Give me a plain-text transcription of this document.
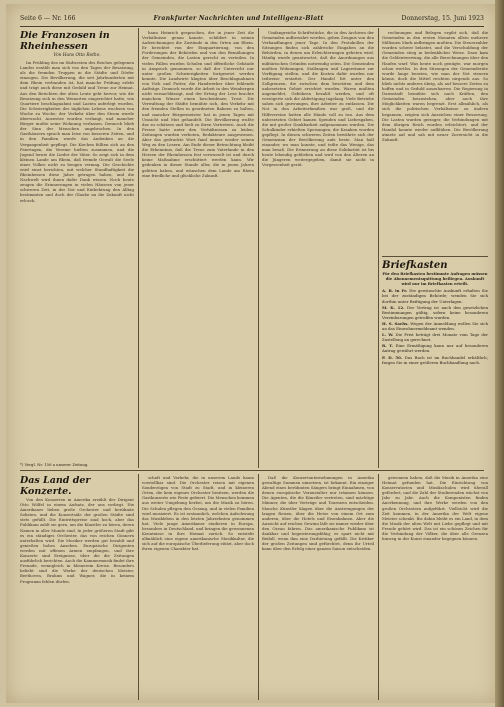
Seite 6 — Nr. 166	Frankfurter Nachrichten und Intelligenz-Blatt	Donnerstag, 15. Juni 1923
Die Franzosen in Rheinhessen
Von Hans Otto Rothe.

Im Frühling des im Südwesten des Reiches gelegenen Landes erzählt man sich von den Tagen der Besatzung, als die fremden Truppen in die Städte und Dörfer einzogen. Die Bevölkerung, die seit Jahrhunderten mit dem Rhein verbunden ist, hat manche Prüfung erlebt und trägt auch diese mit Geduld und Treue zur Heimat. Aus den Berichten der alten Leute geht hervor, wie die Besatzung sich in den Weinorten eingerichtet hatte, wie Quartiere beschlagnahmt und Lasten auferlegt wurden. Die Schwierigkeiten des täglichen Lebens wuchsen von Woche zu Woche; der Verkehr über den Strom wurde überwacht, Ausweise wurden verlangt, und mancher Bürger mußte seine Wohnung verlassen. Dennoch blieb der Sinn der Menschen ungebrochen. In den Gasthäusern sprach man leise von besseren Zeiten, und in den Familien wurde das Andenken an die Vergangenheit gepflegt. Die Kirchen füllten sich an den Feiertagen, die Vereine hielten zusammen, und die Jugend lernte die Lieder der Väter. So zeigt sich in dem kleinen Lande am Rhein, daß fremde Gewalt die Seele eines Volkes nicht zu beugen vermag. Die Geschichte wird einst berichten, mit welcher Standhaftigkeit die Rheinhessen diese Jahre getragen haben, und die Nachwelt wird ihnen dafür Dank wissen. Noch heute zeugen die Erinnerungen in vielen Häusern von jener schweren Zeit, in der Not und Entbehrung den Alltag bestimmten und doch der Glaube an die Zukunft nicht erlosch.

*) Vergl. Nr. 156 a unserer Zeitung.

hann Heinrich gesprochen, der in jener Zeit die Verhältnisse genau kannte, schildert in seinen Aufzeichnungen die Zustände in den Orten am Rhein. Er berichtet von der Einquartierung, von den Forderungen der Behörden und von den Bemühungen der Gemeinden, die Lasten gerecht zu verteilen. In vielen Fällen wurden Schulen und öffentliche Gebäude in Anspruch genommen, so daß der Unterricht nur unter großen Schwierigkeiten fortgesetzt werden konnte. Die Landwirte klagten über Beschlagnahmen von Vieh und Futter, die Handwerker über fehlende Aufträge. Dennoch wurde die Arbeit in den Weinbergen nicht vernachlässigt, und der Ertrag der Lese brachte manchem Winzer einen bescheidenen Trost. Die Verwaltung der Städte bemühte sich, den Verkehr mit den fremden Stellen in geordneten Bahnen zu halten, und mancher Bürgermeister hat in jenen Tagen mit Umsicht und Mut gehandelt. Die Bevölkerung wußte das zu schätzen und hielt zu ihren Vertretern. Auch die Presse hatte unter den Verhältnissen zu leiden; Zeitungen wurden verboten, Redakteure ausgewiesen. Aber das gedruckte Wort fand immer wieder seinen Weg zu den Lesern. Am Ende dieser Betrachtung bleibt die Erkenntnis, daß die Treue zum Vaterlande in den Herzen der Rheinhessen fest verwurzelt ist und durch keine Maßnahme erschüttert werden kann. Wir gedenken in dieser Stunde aller, die in jenen Jahren gelitten haben, und wünschen dem Lande am Rhein eine friedliche und glückliche Zukunft.

Umfangreiche Schriftstücke, die in den Archiven der Gemeinden aufbewahrt werden, geben Zeugnis von den Verhandlungen jener Tage. In den Protokollen der Sitzungen finden sich zahlreiche Eingaben an die Behörden, in denen um Erleichterungen gebeten wird. Häufig wurde geantwortet, daß die Anordnungen aus militärischen Gründen notwendig seien. Die Gemeinden mußten Wohnungen, Stallungen und Lagerräume zur Verfügung stellen, und die Kosten dafür wurden nur teilweise erstattet. Der Handel litt unter den Zollgrenzen, die zwischen dem besetzten und dem unbesetzten Gebiet errichtet wurden. Waren mußten angemeldet, Gebühren bezahlt werden, und oft verzögerte sich die Abfertigung tagelang. Viele Betriebe sahen sich gezwungen, ihre Arbeiter zu entlassen. Die Not in den Arbeiterfamilien war groß, und die Hilfsvereine hatten alle Hände voll zu tun. Aus dem unbesetzten Gebiet kamen Spenden und Liebesgaben, die mit großer Dankbarkeit aufgenommen wurden. Die Schulkinder erhielten Speisungen, die Kranken wurden gepflegt. In diesen schweren Zeiten bewährte sich der Gemeinsinn der Bevölkerung aufs beste. Man half einander, wo man konnte, und teilte das Wenige, das man besaß. Die Erinnerung an diese Solidarität ist bis heute lebendig geblieben und wird von den Älteren an die Jüngeren weitergegeben, damit sie nicht in Vergessenheit gerät.

rechnungen und Belegen ergibt sich, daß die Gemeinden in den ersten Monaten allein mehrere Millionen Mark aufbringen mußten. Die Steuerzahler wurden schwer belastet, und die Verschuldung der Gemeinden stieg in bedenklicher Weise. Dazu kam die Geldentwertung, die alle Berechnungen über den Haufen warf. Was heute noch genügte, war morgen schon wertlos. In den Sitzungen der Gemeinderäte wurde lange beraten, wie man der Not steuern könne, doch die Mittel reichten nirgends aus. So blieb nichts anderes übrig, als auf bessere Zeiten zu hoffen und in Geduld auszuharren. Die Regierung in Darmstadt bemühte sich nach Kräften, den Gemeinden beizustehen, aber auch ihre Möglichkeiten waren begrenzt. Erst allmählich, als sich die politischen Verhältnisse zu ändern begannen, zeigten sich Anzeichen einer Besserung. Die Lasten wurden geringer, die Verbindungen mit dem übrigen Reich wurden erleichtert, und der Handel konnte wieder aufblühen. Die Bevölkerung atmete auf und sah mit neuer Zuversicht in die Zukunft.

Briefkasten
Für den Briefkasten bestimmte Anfragen müssen die Abonnementsquittung beiliegen. Auskunft wird nur im Briefkasten erteilt.
A. B. in Fr. Die gewünschte Auskunft erhalten Sie bei der zuständigen Behörde; wenden Sie sich dorthin unter Beifügung der Unterlagen.
M. K. 12. Der Vertrag ist nach den gesetzlichen Bestimmungen gültig, sofern keine besonderen Vereinbarungen getroffen wurden.
H. S. Sachs. Wegen der Anmeldung wollen Sie sich an das Einwohnermeldeamt wenden.
L. W. Die Frist beträgt drei Monate vom Tage der Zustellung an gerechnet.
R. T. Eine Ermäßigung kann nur auf besonderen Antrag gewährt werden.
P. D. 50. Das Buch ist im Buchhandel erhältlich; fragen Sie in einer größeren Buchhandlung nach.
Das Land der Konzerte.

Von den Konzerten in Amerika erzählt der Dirigent Otto Wölfel in einem Aufsatz, der uns vorliegt. Die Amerikaner lieben große Orchester und berühmte Solisten, und die Konzertsäle der großen Städte sind stets gefüllt. Die Eintrittspreise sind hoch, aber das Publikum zahlt sie gern, um die Künstler zu hören, deren Namen in aller Munde sind. In jeder größeren Stadt gibt es ein ständiges Orchester, das von reichen Gönnern unterhalten wird. Die Musiker werden gut bezahlt und genießen hohes Ansehen. Europäische Dirigenten werden mit offenen Armen empfangen, und ihre Konzerte sind Ereignisse, über die die Zeitungen ausführlich berichten. Auch die Kammermusik findet ihre Freunde, wenngleich in kleinerem Kreise. Besonders beliebt sind die Werke der deutschen Meister, Beethoven, Brahms und Wagner, die in keinem Programm fehlen dürfen.

schaft und Verkehr, die in unserem Lande kaum vorstellbar sind. Die Orchester reisen mit eigenen Sonderzügen von Stadt zu Stadt, und in kleineren Orten, die kein eigenes Orchester besitzen, werden die Gastkonzerte wie Feste gefeiert. Die Menschen kommen aus weiter Umgebung herbei, um die Musik zu hören. Die Schulen pflegen den Gesang, und in vielen Familien wird musiziert. Es ist erstaunlich, welchen Aufschwung das Musikleben in den letzten Jahrzehnten genommen hat. Viele junge Amerikaner studieren in Europa, besonders in Deutschland, und bringen die gewonnenen Kenntnisse in ihre Heimat zurück. So entsteht allmählich eine eigene amerikanische Musikkultur, die sich auf die europäische Überlieferung stützt, aber doch ihren eigenen Charakter hat.

Daß die Konzertunternehmungen in Amerika gewaltige Summen umsetzen, ist bekannt. Ein einziger Abend eines berühmten Sängers bringt Einnahmen, von denen europäische Veranstalter nur träumen können. Die Agenten, die die Künstler vertreten, sind mächtige Männer, die über Verträge und Tourneen entscheiden. Manche Künstler klagen über die Anstrengungen der langen Reisen, über die Hetze von einem Ort zum anderen, über die Hotels und Eisenbahnen. Aber die Aussicht auf reichen Gewinn läßt sie immer wieder über den Ozean fahren. Das amerikanische Publikum ist dankbar und begeisterungsfähig; es spart nicht mit Beifall, wenn ihm eine Darbietung gefällt. Die Kritiker der großen Zeitungen sind gefürchtet, denn ihr Urteil kann über den Erfolg einer ganzen Saison entscheiden.

gewonnen haben, daß die Musik in Amerika eine Heimat gefunden hat. Die Einrichtung von Konservatorien und Musikschulen wird überall gefördert, und die Zahl der Studierenden wächst von Jahr zu Jahr. Auch die Komponisten finden Anerkennung, und ihre Werke werden von den großen Orchestern aufgeführt. Vielleicht wird die Zeit kommen, in der Amerika der Welt eigene Meister schenkt. Bis dahin bleibt es ein Land, in dem die Musik der alten Welt mit Liebe gepflegt und mit Freude gehört wird. Das ist ein schönes Zeichen für die Verbindung der Völker, die über alle Grenzen hinweg in der Kunst einander begegnen können.
